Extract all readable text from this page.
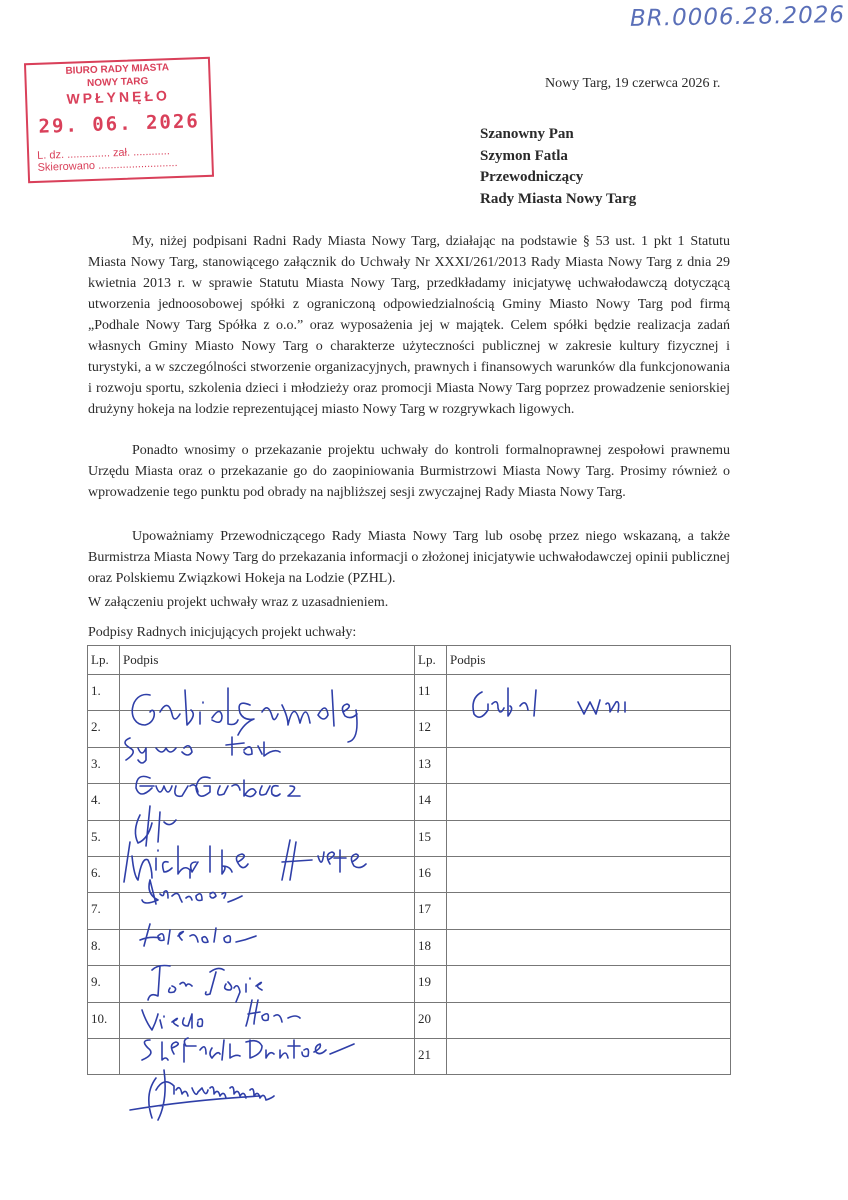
BR.0006.28.2026
BIURO RADY MIASTA
NOWY TARG
WPŁYNĘŁO
29. 06. 2026
L. dz. .............. zał. ............
Skierowano ..........................
Nowy Targ, 19 czerwca 2026 r.
Szanowny Pan
Szymon Fatla
Przewodniczący
Rady Miasta Nowy Targ
My, niżej podpisani Radni Rady Miasta Nowy Targ, działając na podstawie § 53 ust. 1 pkt 1 Statutu Miasta Nowy Targ, stanowiącego załącznik do Uchwały Nr XXXI/261/2013 Rady Miasta Nowy Targ z dnia 29 kwietnia 2013 r. w sprawie Statutu Miasta Nowy Targ, przedkładamy inicjatywę uchwałodawczą dotyczącą utworzenia jednoosobowej spółki z ograniczoną odpowiedzialnością Gminy Miasto Nowy Targ pod firmą „Podhale Nowy Targ Spółka z o.o.” oraz wyposażenia jej w majątek. Celem spółki będzie realizacja zadań własnych Gminy Miasto Nowy Targ o charakterze użyteczności publicznej w zakresie kultury fizycznej i turystyki, a w szczególności stworzenie organizacyjnych, prawnych i finansowych warunków dla funkcjonowania i rozwoju sportu, szkolenia dzieci i młodzieży oraz promocji Miasta Nowy Targ poprzez prowadzenie seniorskiej drużyny hokeja na lodzie reprezentującej miasto Nowy Targ w rozgrywkach ligowych.
Ponadto wnosimy o przekazanie projektu uchwały do kontroli formalnoprawnej zespołowi prawnemu Urzędu Miasta oraz o przekazanie go do zaopiniowania Burmistrzowi Miasta Nowy Targ. Prosimy również o wprowadzenie tego punktu pod obrady na najbliższej sesji zwyczajnej Rady Miasta Nowy Targ.
Upoważniamy Przewodniczącego Rady Miasta Nowy Targ lub osobę przez niego wskazaną, a także Burmistrza Miasta Nowy Targ do przekazania informacji o złożonej inicjatywie uchwałodawczej opinii publicznej oraz Polskiemu Związkowi Hokeja na Lodzie (PZHL).
W załączeniu projekt uchwały wraz z uzasadnieniem.
Podpisy Radnych inicjujących projekt uchwały:
Lp.	Podpis	Lp.	Podpis
1.		11	
2.		12	
3.		13	
4.		14	
5.		15	
6.		16	
7.		17	
8.		18	
9.		19	
10.		20	
		21	
